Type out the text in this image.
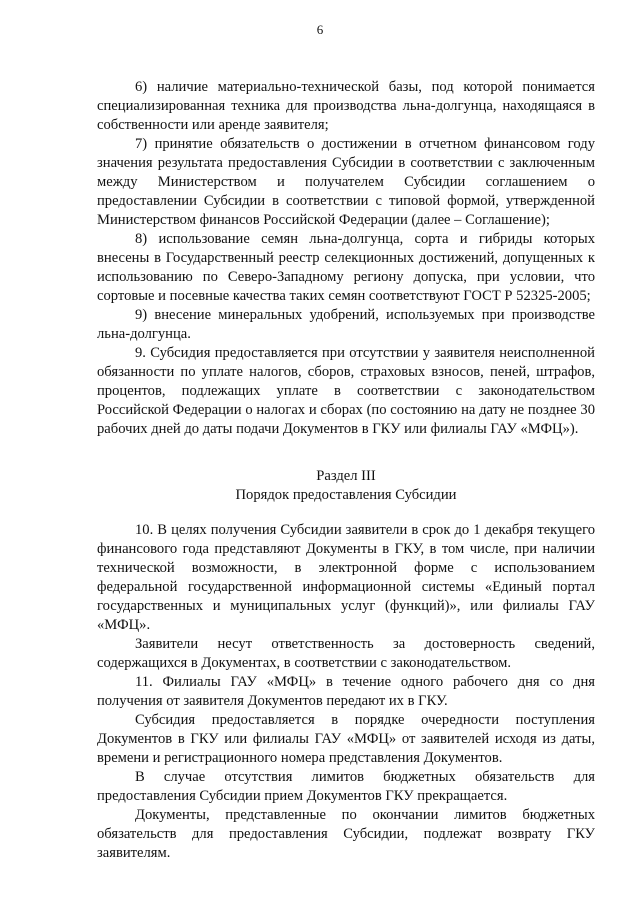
6

6) наличие материально-технической базы, под которой понимается специализированная техника для производства льна-долгунца, находящаяся в собственности или аренде заявителя;

7) принятие обязательств о достижении в отчетном финансовом году значения результата предоставления Субсидии в соответствии с заключенным между Министерством и получателем Субсидии соглашением о предоставлении Субсидии в соответствии с типовой формой, утвержденной Министерством финансов Российской Федерации (далее – Соглашение);

8) использование семян льна-долгунца, сорта и гибриды которых внесены в Государственный реестр селекционных достижений, допущенных к использованию по Северо-Западному региону допуска, при условии, что сортовые и посевные качества таких семян соответствуют ГОСТ Р 52325-2005;

9) внесение минеральных удобрений, используемых при производстве льна-долгунца.

9. Субсидия предоставляется при отсутствии у заявителя неисполненной обязанности по уплате налогов, сборов, страховых взносов, пеней, штрафов, процентов, подлежащих уплате в соответствии с законодательством Российской Федерации о налогах и сборах (по состоянию на дату не позднее 30 рабочих дней до даты подачи Документов в ГКУ или филиалы ГАУ «МФЦ»).

Раздел III
Порядок предоставления Субсидии

10. В целях получения Субсидии заявители в срок до 1 декабря текущего финансового года представляют Документы в ГКУ, в том числе, при наличии технической возможности, в электронной форме с использованием федеральной государственной информационной системы «Единый портал государственных и муниципальных услуг (функций)», или филиалы ГАУ «МФЦ».

Заявители несут ответственность за достоверность сведений, содержащихся в Документах, в соответствии с законодательством.

11. Филиалы ГАУ «МФЦ» в течение одного рабочего дня со дня получения от заявителя Документов передают их в ГКУ.

Субсидия предоставляется в порядке очередности поступления Документов в ГКУ или филиалы ГАУ «МФЦ» от заявителей исходя из даты, времени и регистрационного номера представления Документов.

В случае отсутствия лимитов бюджетных обязательств для предоставления Субсидии прием Документов ГКУ прекращается.

Документы, представленные по окончании лимитов бюджетных обязательств для предоставления Субсидии, подлежат возврату ГКУ заявителям.
